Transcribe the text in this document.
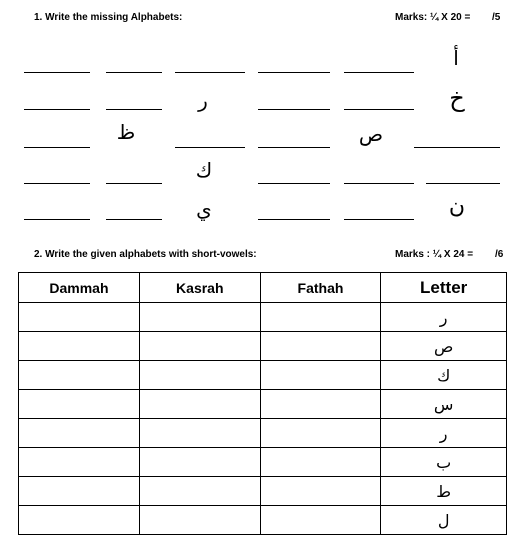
1. Write the missing Alphabets:	Marks: ¼ X 20 = /5
أ
ر	خ
ظ	ص
ك
ي	ن
2. Write the given alphabets with short-vowels:	Marks : ¼ X 24 = /6
Dammah	Kasrah	Fathah	Letter
			ر
			ص
			ك
			س
			ر
			ب
			ط
			ل
